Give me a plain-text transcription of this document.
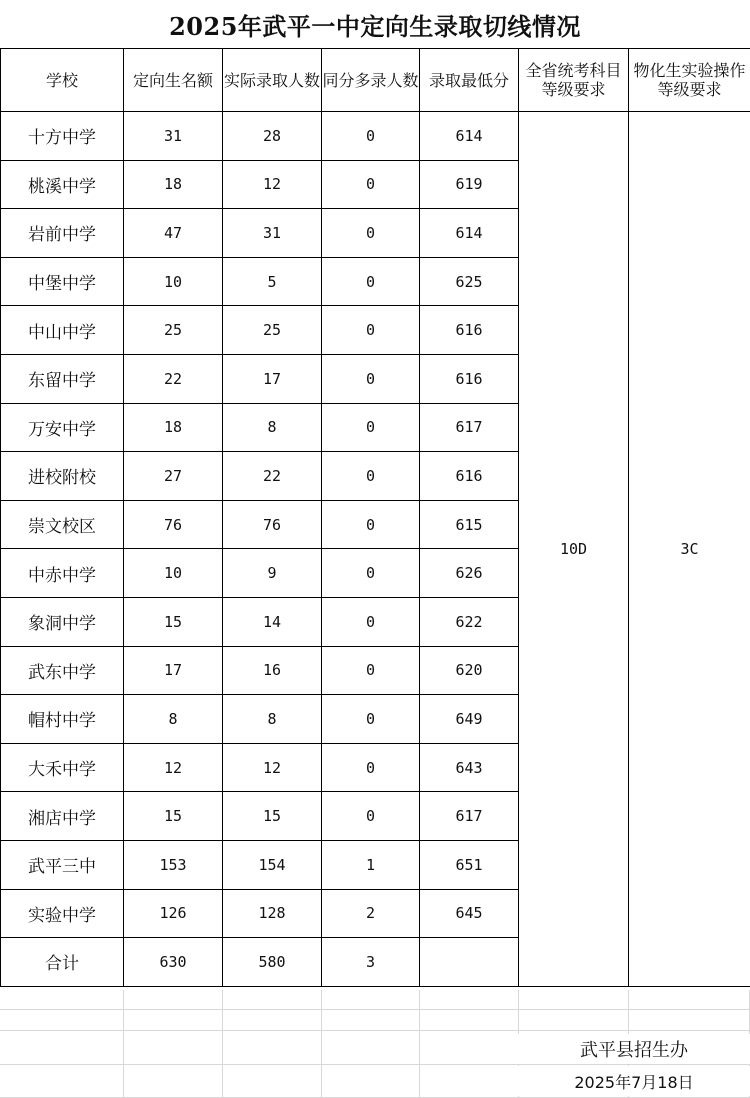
2025年武平一中定向生录取切线情况
学校	定向生名额	实际录取人数	同分多录人数	录取最低分	全省统考科目等级要求	物化生实验操作等级要求
十方中学	31	28	0	614	10D	3C
桃溪中学	18	12	0	619		
岩前中学	47	31	0	614		
中堡中学	10	5	0	625		
中山中学	25	25	0	616		
东留中学	22	17	0	616		
万安中学	18	8	0	617		
进校附校	27	22	0	616		
崇文校区	76	76	0	615		
中赤中学	10	9	0	626		
象洞中学	15	14	0	622		
武东中学	17	16	0	620		
帽村中学	8	8	0	649		
大禾中学	12	12	0	643		
湘店中学	15	15	0	617		
武平三中	153	154	1	651		
实验中学	126	128	2	645		
合计	630	580	3			
武平县招生办
2025年7月18日
